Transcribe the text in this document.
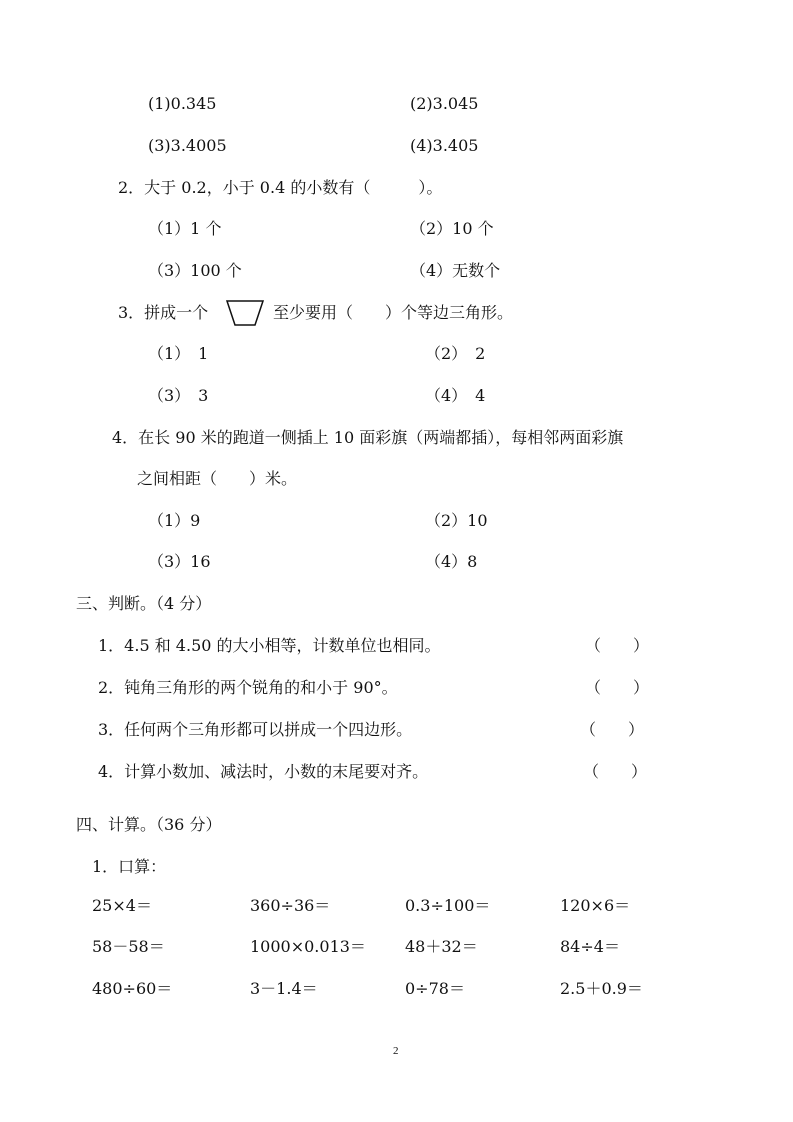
(1)0.345	(2)3.045
(3)3.4005	(4)3.405
2．大于 0.2，小于 0.4 的小数有（　　　）。
（1）1 个	（2）10 个
（3）100 个	（4）无数个
3．拼成一个	至少要用（　　）个等边三角形。
（1）　1	（2）　2
（3）　3	（4）　4
4．在长 90 米的跑道一侧插上 10 面彩旗（两端都插），每相邻两面彩旗
之间相距（　　）米。
（1）9	（2）10
（3）16	（4）8
三、判断。（4 分）
1．4.5 和 4.50 的大小相等，计数单位也相同。	（　　）
2．钝角三角形的两个锐角的和小于 90°。	（　　）
3．任何两个三角形都可以拼成一个四边形。	（　　）
4．计算小数加、减法时，小数的末尾要对齐。	（　　）
四、计算。（36 分）
1．口算：
25×4＝	360÷36＝	0.3÷100＝	120×6＝
58－58＝	1000×0.013＝ 48＋32＝	84÷4＝
480÷60＝	3－1.4＝	0÷78＝	2.5＋0.9＝
2
